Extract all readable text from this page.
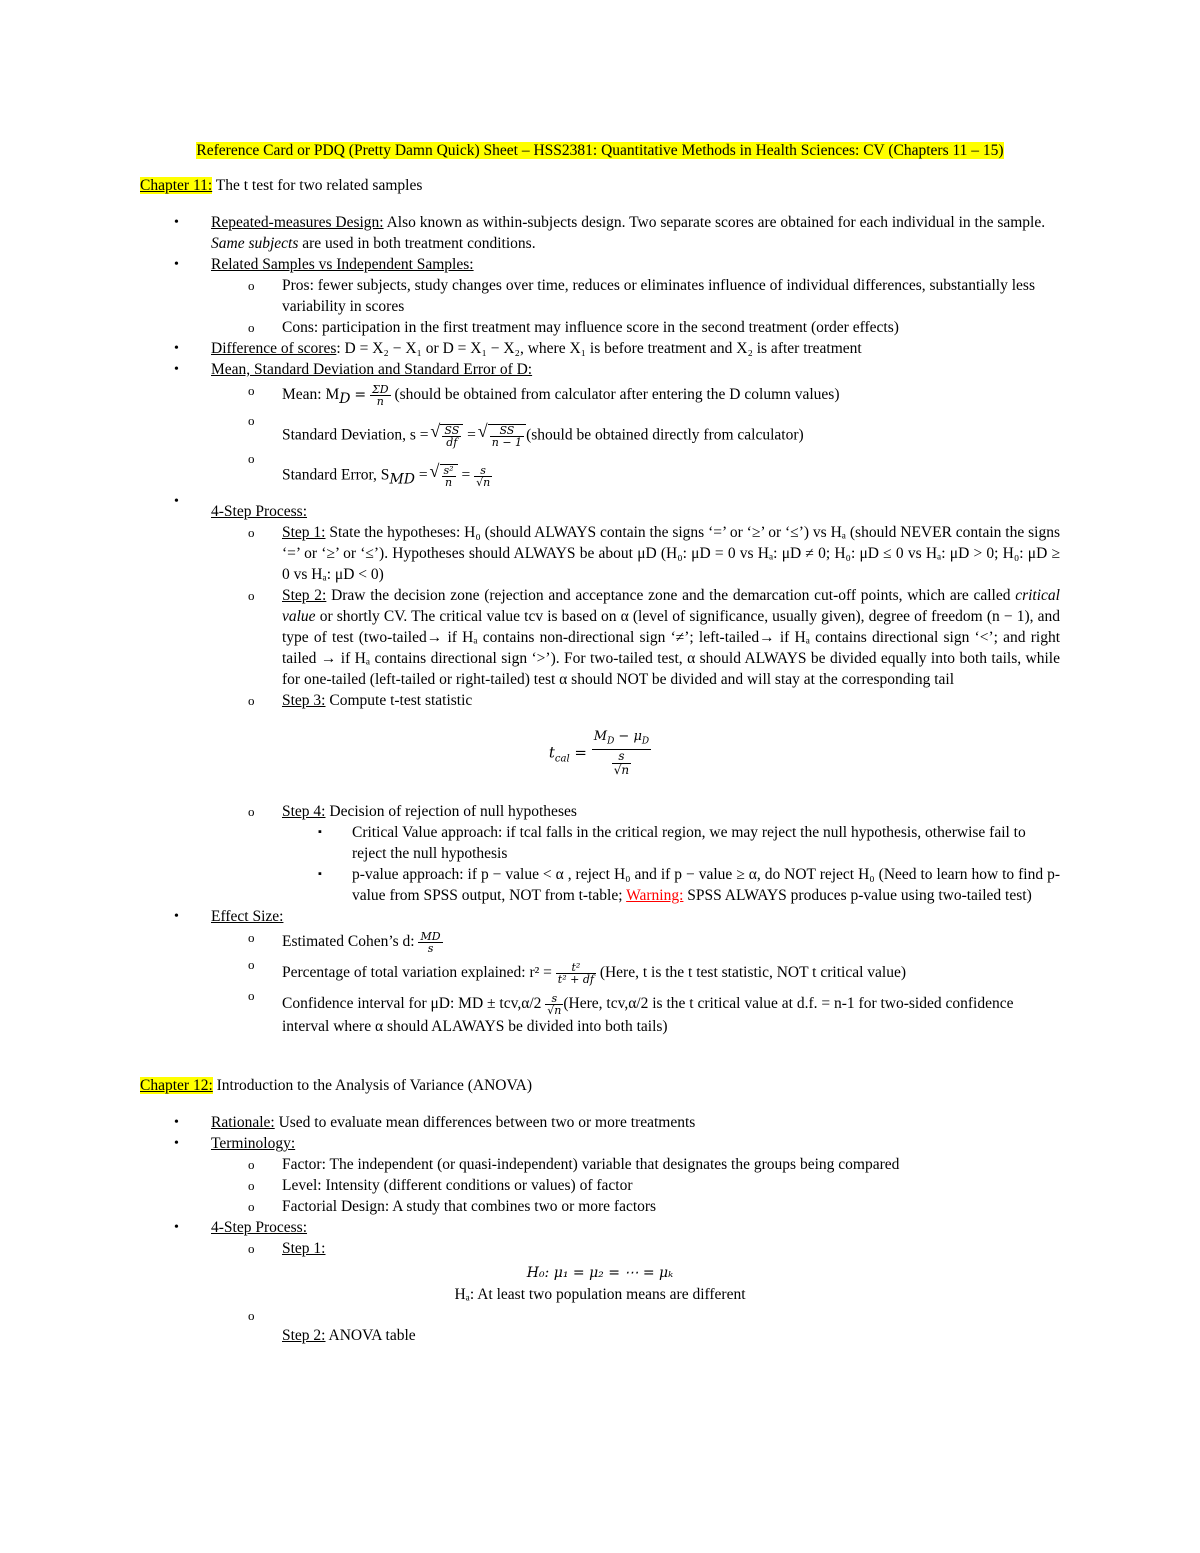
Reference Card or PDQ (Pretty Damn Quick) Sheet – HSS2381: Quantitative Methods in Health Sciences: CV (Chapters 11 – 15)
Chapter 11: The t test for two related samples
• Repeated-measures Design: Also known as within-subjects design. Two separate scores are obtained for each individual in the sample. Same subjects are used in both treatment conditions.
• Related Samples vs Independent Samples:
o Pros: fewer subjects, study changes over time, reduces or eliminates influence of individual differences, substantially less variability in scores
o Cons: participation in the first treatment may influence score in the second treatment (order effects)
• Difference of scores: D = X₂ − X₁ or D = X₁ − X₂, where X₁ is before treatment and X₂ is after treatment
• Mean, Standard Deviation and Standard Error of D:
o Mean: $M_D = \frac{\Sigma D}{n}$ (should be obtained from calculator after entering the D column values)
o Standard Deviation, s = √ $\frac{SS}{df}$ = √ $\frac{SS}{n - 1}$ (should be obtained directly from calculator)
o Standard Error, $S_{MD}$ = √ $\frac{\text{s²}}{n} = \frac{s}{√n}$
• 4-Step Process:
o Step 1: State the hypotheses: H₀ (should ALWAYS contain the signs ‘=’ or ‘≥’ or ‘≤’) vs Hₐ (should NEVER contain the signs ‘=’ or ‘≥’ or ‘≤’). Hypotheses should ALWAYS be about μD (H₀: μD = 0 vs Hₐ: μD ≠ 0; H₀: μD ≤ 0 vs Hₐ: μD > 0; H₀: μD ≥ 0 vs Hₐ: μD < 0)
o Step 2: Draw the decision zone (rejection and acceptance zone and the demarcation cut-off points, which are called critical value or shortly CV. The critical value tcv is based on α (level of significance, usually given), degree of freedom (n − 1), and type of test (two-tailed→ if Hₐ contains non-directional sign ‘≠’; left-tailed→ if Hₐ contains directional sign ‘<’; and right tailed → if Hₐ contains directional sign ‘>’). For two-tailed test, α should ALWAYS be divided equally into both tails, while for one-tailed (left-tailed or right-tailed) test α should NOT be divided and will stay at the corresponding tail
o Step 3: Compute t-test statistic
$t_{cal} = \frac{M_D - \mu_D}{\frac{s}{√n}}$
o Step 4: Decision of rejection of null hypotheses
▪ Critical Value approach: if tcal falls in the critical region, we may reject the null hypothesis, otherwise fail to reject the null hypothesis
▪ p-value approach: if p − value < α , reject H₀ and if p − value ≥ α, do NOT reject H₀ (Need to learn how to find p-value from SPSS output, NOT from t-table; Warning: SPSS ALWAYS produces p-value using two-tailed test)
• Effect Size:
o Estimated Cohen’s d: $\frac{MD}{s}$
o Percentage of total variation explained: $r^2 = \frac{\text{t²}}{\text{t² + df}}$ (Here, t is the t test statistic, NOT t critical value)
o Confidence interval for μD: MD ± $tcv,\alpha/2 \frac{s}{√n}$ (Here, tcv,α/2 is the t critical value at d.f. = n-1 for two-sided confidence interval where α should ALAWAYS be divided into both tails)
Chapter 12: Introduction to the Analysis of Variance (ANOVA)
• Rationale: Used to evaluate mean differences between two or more treatments
• Terminology:
o Factor: The independent (or quasi-independent) variable that designates the groups being compared
o Level: Intensity (different conditions or values) of factor
o Factorial Design: A study that combines two or more factors
• 4-Step Process:
o Step 1:
H₀: μ₁ = μ₂ = ⋯ = μₖ
Hₐ: At least two population means are different
o Step 2: ANOVA table
